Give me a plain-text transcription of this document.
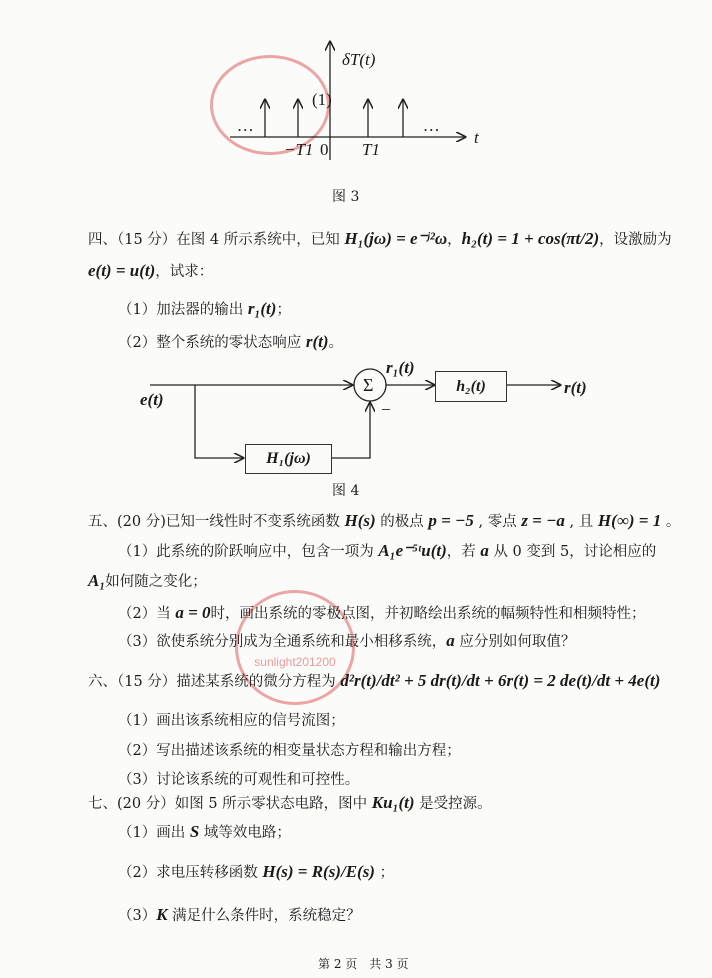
sunlight201200
δT(t)
(1)
…	…
−T1 0 T1
t
图 3
四、（15 分）在图 4 所示系统中，已知 H₁(jω) = e⁻ʲ²ω，h₂(t) = 1 + cos(πt/2)，设激励为
e(t) = u(t)，试求：
（1）加法器的输出 r₁(t)；
（2）整个系统的零状态响应 r(t)。
e(t)
Σ
r₁(t)
−
h₂(t)	r(t)
H₁(jω)
图 4
五、(20 分)已知一线性时不变系统函数 H(s) 的极点 p = −5 , 零点 z = −a , 且 H(∞) = 1 。
（1）此系统的阶跃响应中，包含一项为 A₁e⁻⁵ᵗu(t)，若 a 从 0 变到 5，讨论相应的
A₁如何随之变化；
（2）当 a = 0时，画出系统的零极点图，并初略绘出系统的幅频特性和相频特性；
（3）欲使系统分别成为全通系统和最小相移系统，a 应分别如何取值？
六、（15 分）描述某系统的微分方程为 d²r(t)/dt² + 5 dr(t)/dt + 6r(t) = 2 de(t)/dt + 4e(t)
（1）画出该系统相应的信号流图；
（2）写出描述该系统的相变量状态方程和输出方程；
（3）讨论该系统的可观性和可控性。
七、(20 分）如图 5 所示零状态电路，图中 Ku₁(t) 是受控源。
（1）画出 S 域等效电路；
（2）求电压转移函数 H(s) = R(s)/E(s) ；
（3）K 满足什么条件时，系统稳定？
第 2 页　共 3 页
